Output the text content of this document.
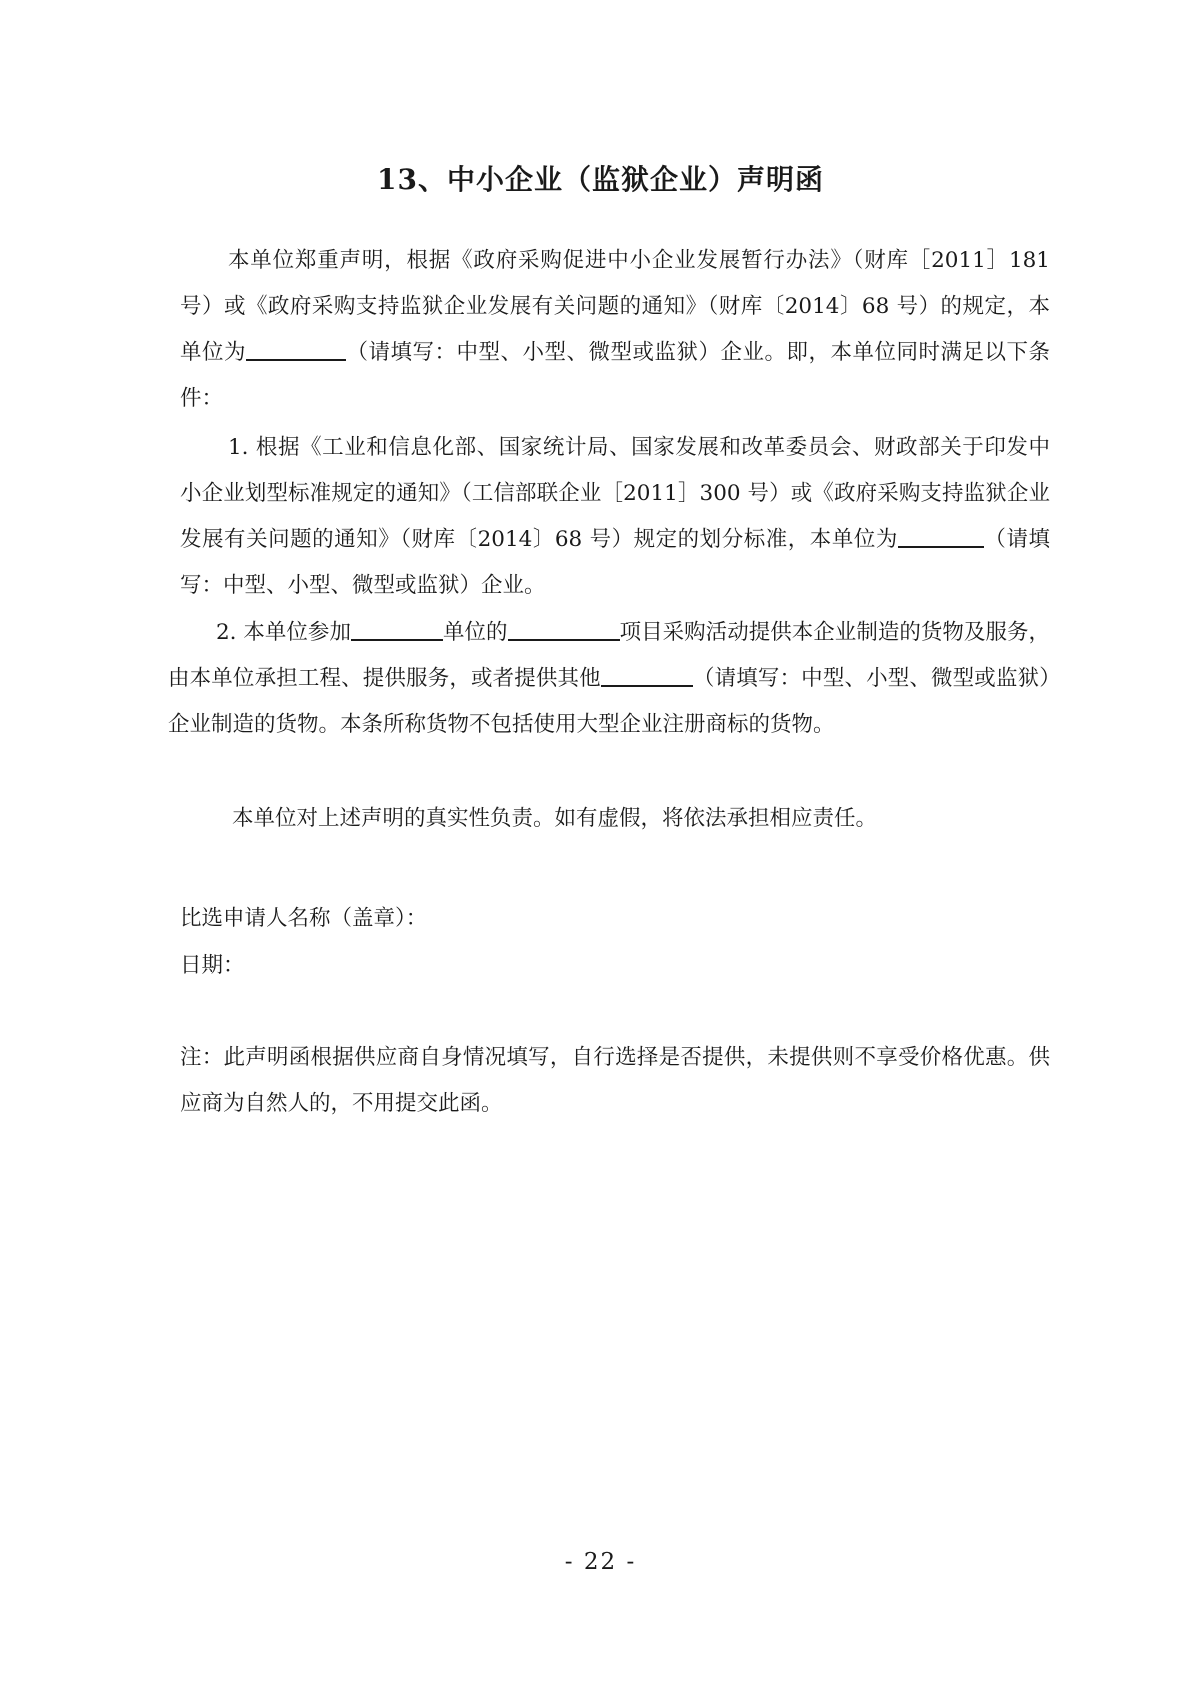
13、中小企业（监狱企业）声明函
本单位郑重声明，根据《政府采购促进中小企业发展暂行办法》（财库［2011］181 号）或《政府采购支持监狱企业发展有关问题的通知》（财库〔2014〕68 号）的规定，本单位为	（请填写：中型、小型、微型或监狱）企业。即，本单位同时满足以下条件：
1. 根据《工业和信息化部、国家统计局、国家发展和改革委员会、财政部关于印发中小企业划型标准规定的通知》（工信部联企业［2011］300 号）或《政府采购支持监狱企业发展有关问题的通知》（财库〔2014〕68 号）规定的划分标准，本单位为	（请填写：中型、小型、微型或监狱）企业。
2. 本单位参加	单位的	项目采购活动提供本企业制造的货物及服务，由本单位承担工程、提供服务，或者提供其他	（请填写：中型、小型、微型或监狱）企业制造的货物。本条所称货物不包括使用大型企业注册商标的货物。
本单位对上述声明的真实性负责。如有虚假，将依法承担相应责任。
比选申请人名称（盖章）：
日期：
注：此声明函根据供应商自身情况填写，自行选择是否提供，未提供则不享受价格优惠。供应商为自然人的，不用提交此函。
- 22 -
